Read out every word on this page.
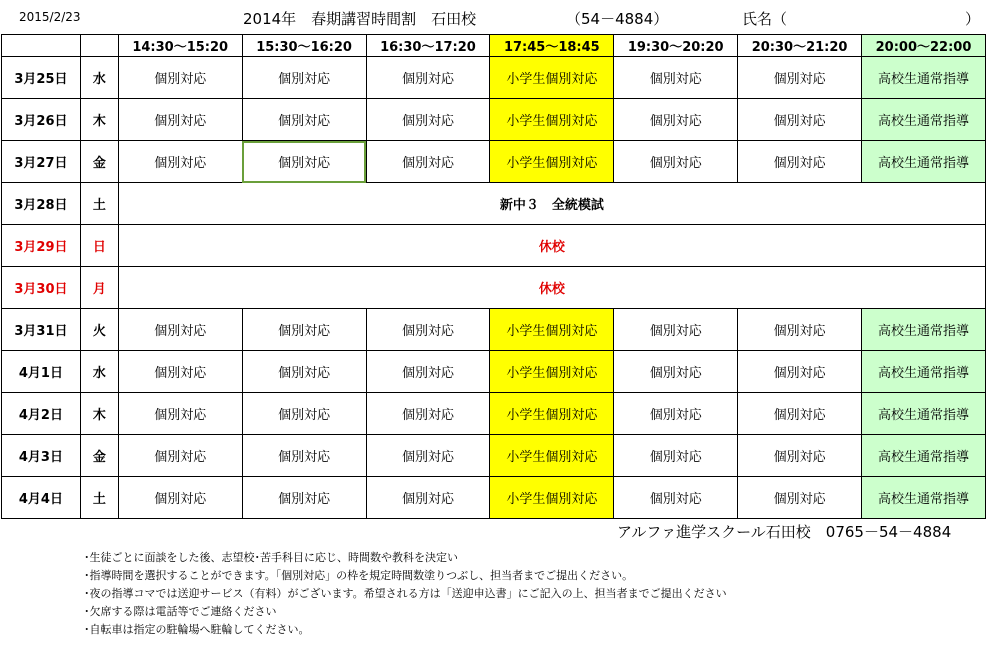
2015/2/23	2014年　春期講習時間割　石田校	（54－4884）	氏名（	）
		14:30〜15:20	15:30〜16:20	16:30〜17:20	17:45〜18:45	19:30〜20:20	20:30〜21:20	20:00〜22:00
3月25日	水	個別対応	個別対応	個別対応	小学生個別対応	個別対応	個別対応	高校生通常指導
3月26日	木	個別対応	個別対応	個別対応	小学生個別対応	個別対応	個別対応	高校生通常指導
3月27日	金	個別対応	個別対応	個別対応	小学生個別対応	個別対応	個別対応	高校生通常指導
3月28日	土	新中３　全統模試						
3月29日	日	休校						
3月30日	月	休校						
3月31日	火	個別対応	個別対応	個別対応	小学生個別対応	個別対応	個別対応	高校生通常指導
4月1日	水	個別対応	個別対応	個別対応	小学生個別対応	個別対応	個別対応	高校生通常指導
4月2日	木	個別対応	個別対応	個別対応	小学生個別対応	個別対応	個別対応	高校生通常指導
4月3日	金	個別対応	個別対応	個別対応	小学生個別対応	個別対応	個別対応	高校生通常指導
4月4日	土	個別対応	個別対応	個別対応	小学生個別対応	個別対応	個別対応	高校生通常指導
アルファ進学スクール石田校　0765－54－4884
･生徒ごとに面談をした後、志望校･苦手科目に応じ、時間数や教科を決定い
･指導時間を選択することができます。「個別対応」の枠を規定時間数塗りつぶし、担当者までご提出ください。
･夜の指導コマでは送迎サービス（有料）がございます。希望される方は「送迎申込書」にご記入の上、担当者までご提出ください
･欠席する際は電話等でご連絡ください
･自転車は指定の駐輪場へ駐輪してください。
